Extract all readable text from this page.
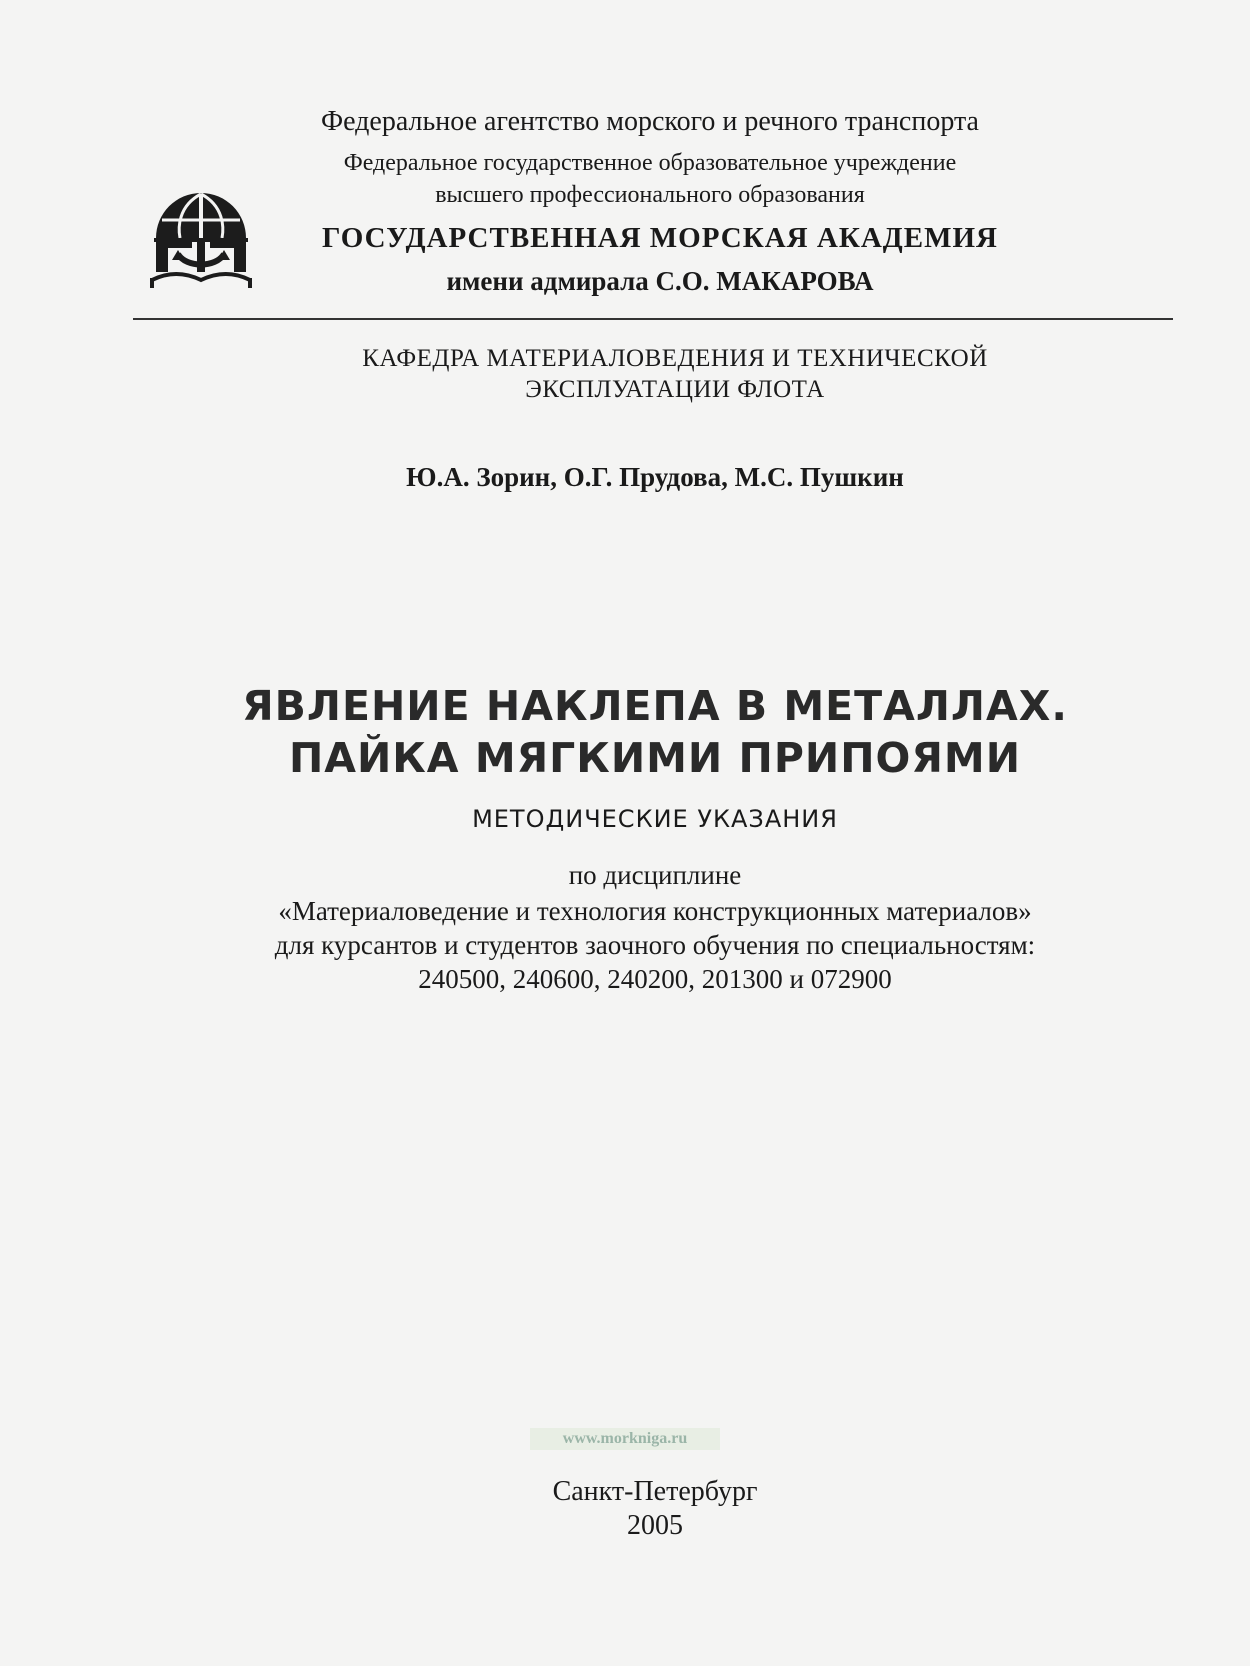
Федеральное агентство морского и речного транспорта
Федеральное государственное образовательное учреждение
высшего профессионального образования
ГОСУДАРСТВЕННАЯ МОРСКАЯ АКАДЕМИЯ
имени адмирала С.О. МАКАРОВА
КАФЕДРА МАТЕРИАЛОВЕДЕНИЯ И ТЕХНИЧЕСКОЙ
ЭКСПЛУАТАЦИИ ФЛОТА
Ю.А. Зорин, О.Г. Прудова, М.С. Пушкин
ЯВЛЕНИЕ НАКЛЕПА В МЕТАЛЛАХ.
ПАЙКА МЯГКИМИ ПРИПОЯМИ
МЕТОДИЧЕСКИЕ УКАЗАНИЯ
по дисциплине
«Материаловедение и технология конструкционных материалов»
для курсантов и студентов заочного обучения по специальностям:
240500, 240600, 240200, 201300 и 072900
www.morkniga.ru
Санкт-Петербург
2005
